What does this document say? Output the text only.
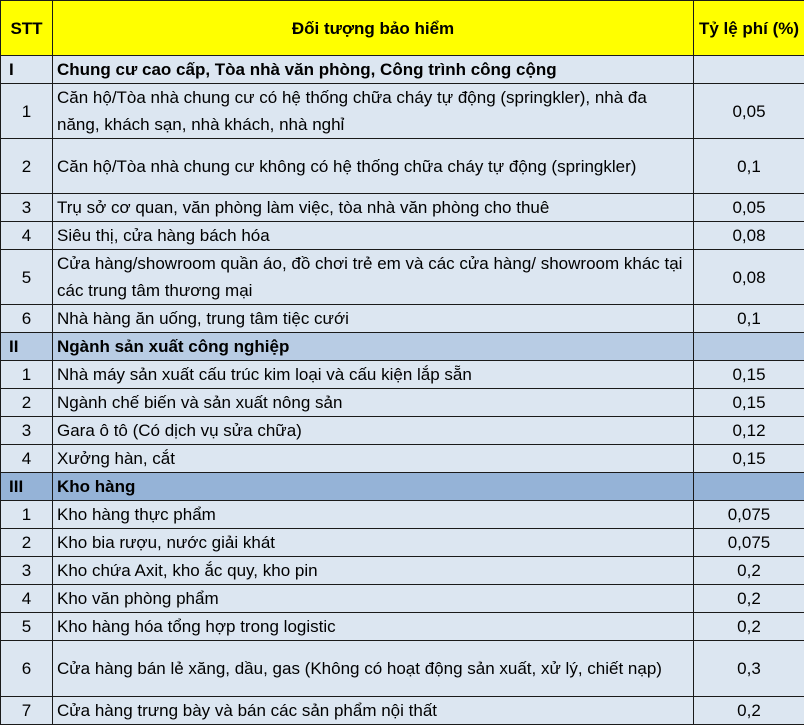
STT	Đối tượng bảo hiểm	Tỷ lệ phí (%)
I	Chung cư cao cấp, Tòa nhà văn phòng, Công trình công cộng	
1	Căn hộ/Tòa nhà chung cư có hệ thống chữa cháy tự động (springkler), nhà đa năng, khách sạn, nhà khách, nhà nghỉ	0,05
2	Căn hộ/Tòa nhà chung cư không có hệ thống chữa cháy tự động (springkler)	0,1
3	Trụ sở cơ quan, văn phòng làm việc, tòa nhà văn phòng cho thuê	0,05
4	Siêu thị, cửa hàng bách hóa	0,08
5	Cửa hàng/showroom quần áo, đồ chơi trẻ em và các cửa hàng/ showroom khác tại các trung tâm thương mại	0,08
6	Nhà hàng ăn uống, trung tâm tiệc cưới	0,1
II	Ngành sản xuất công nghiệp	
1	Nhà máy sản xuất cấu trúc kim loại và cấu kiện lắp sẵn	0,15
2	Ngành chế biến và sản xuất nông sản	0,15
3	Gara ô tô (Có dịch vụ sửa chữa)	0,12
4	Xưởng hàn, cắt	0,15
III	Kho hàng	
1	Kho hàng thực phẩm	0,075
2	Kho bia rượu, nước giải khát	0,075
3	Kho chứa Axit, kho ắc quy, kho pin	0,2
4	Kho văn phòng phẩm	0,2
5	Kho hàng hóa tổng hợp trong logistic	0,2
6	Cửa hàng bán lẻ xăng, dầu, gas (Không có hoạt động sản xuất, xử lý, chiết nạp)	0,3
7	Cửa hàng trưng bày và bán các sản phẩm nội thất	0,2
